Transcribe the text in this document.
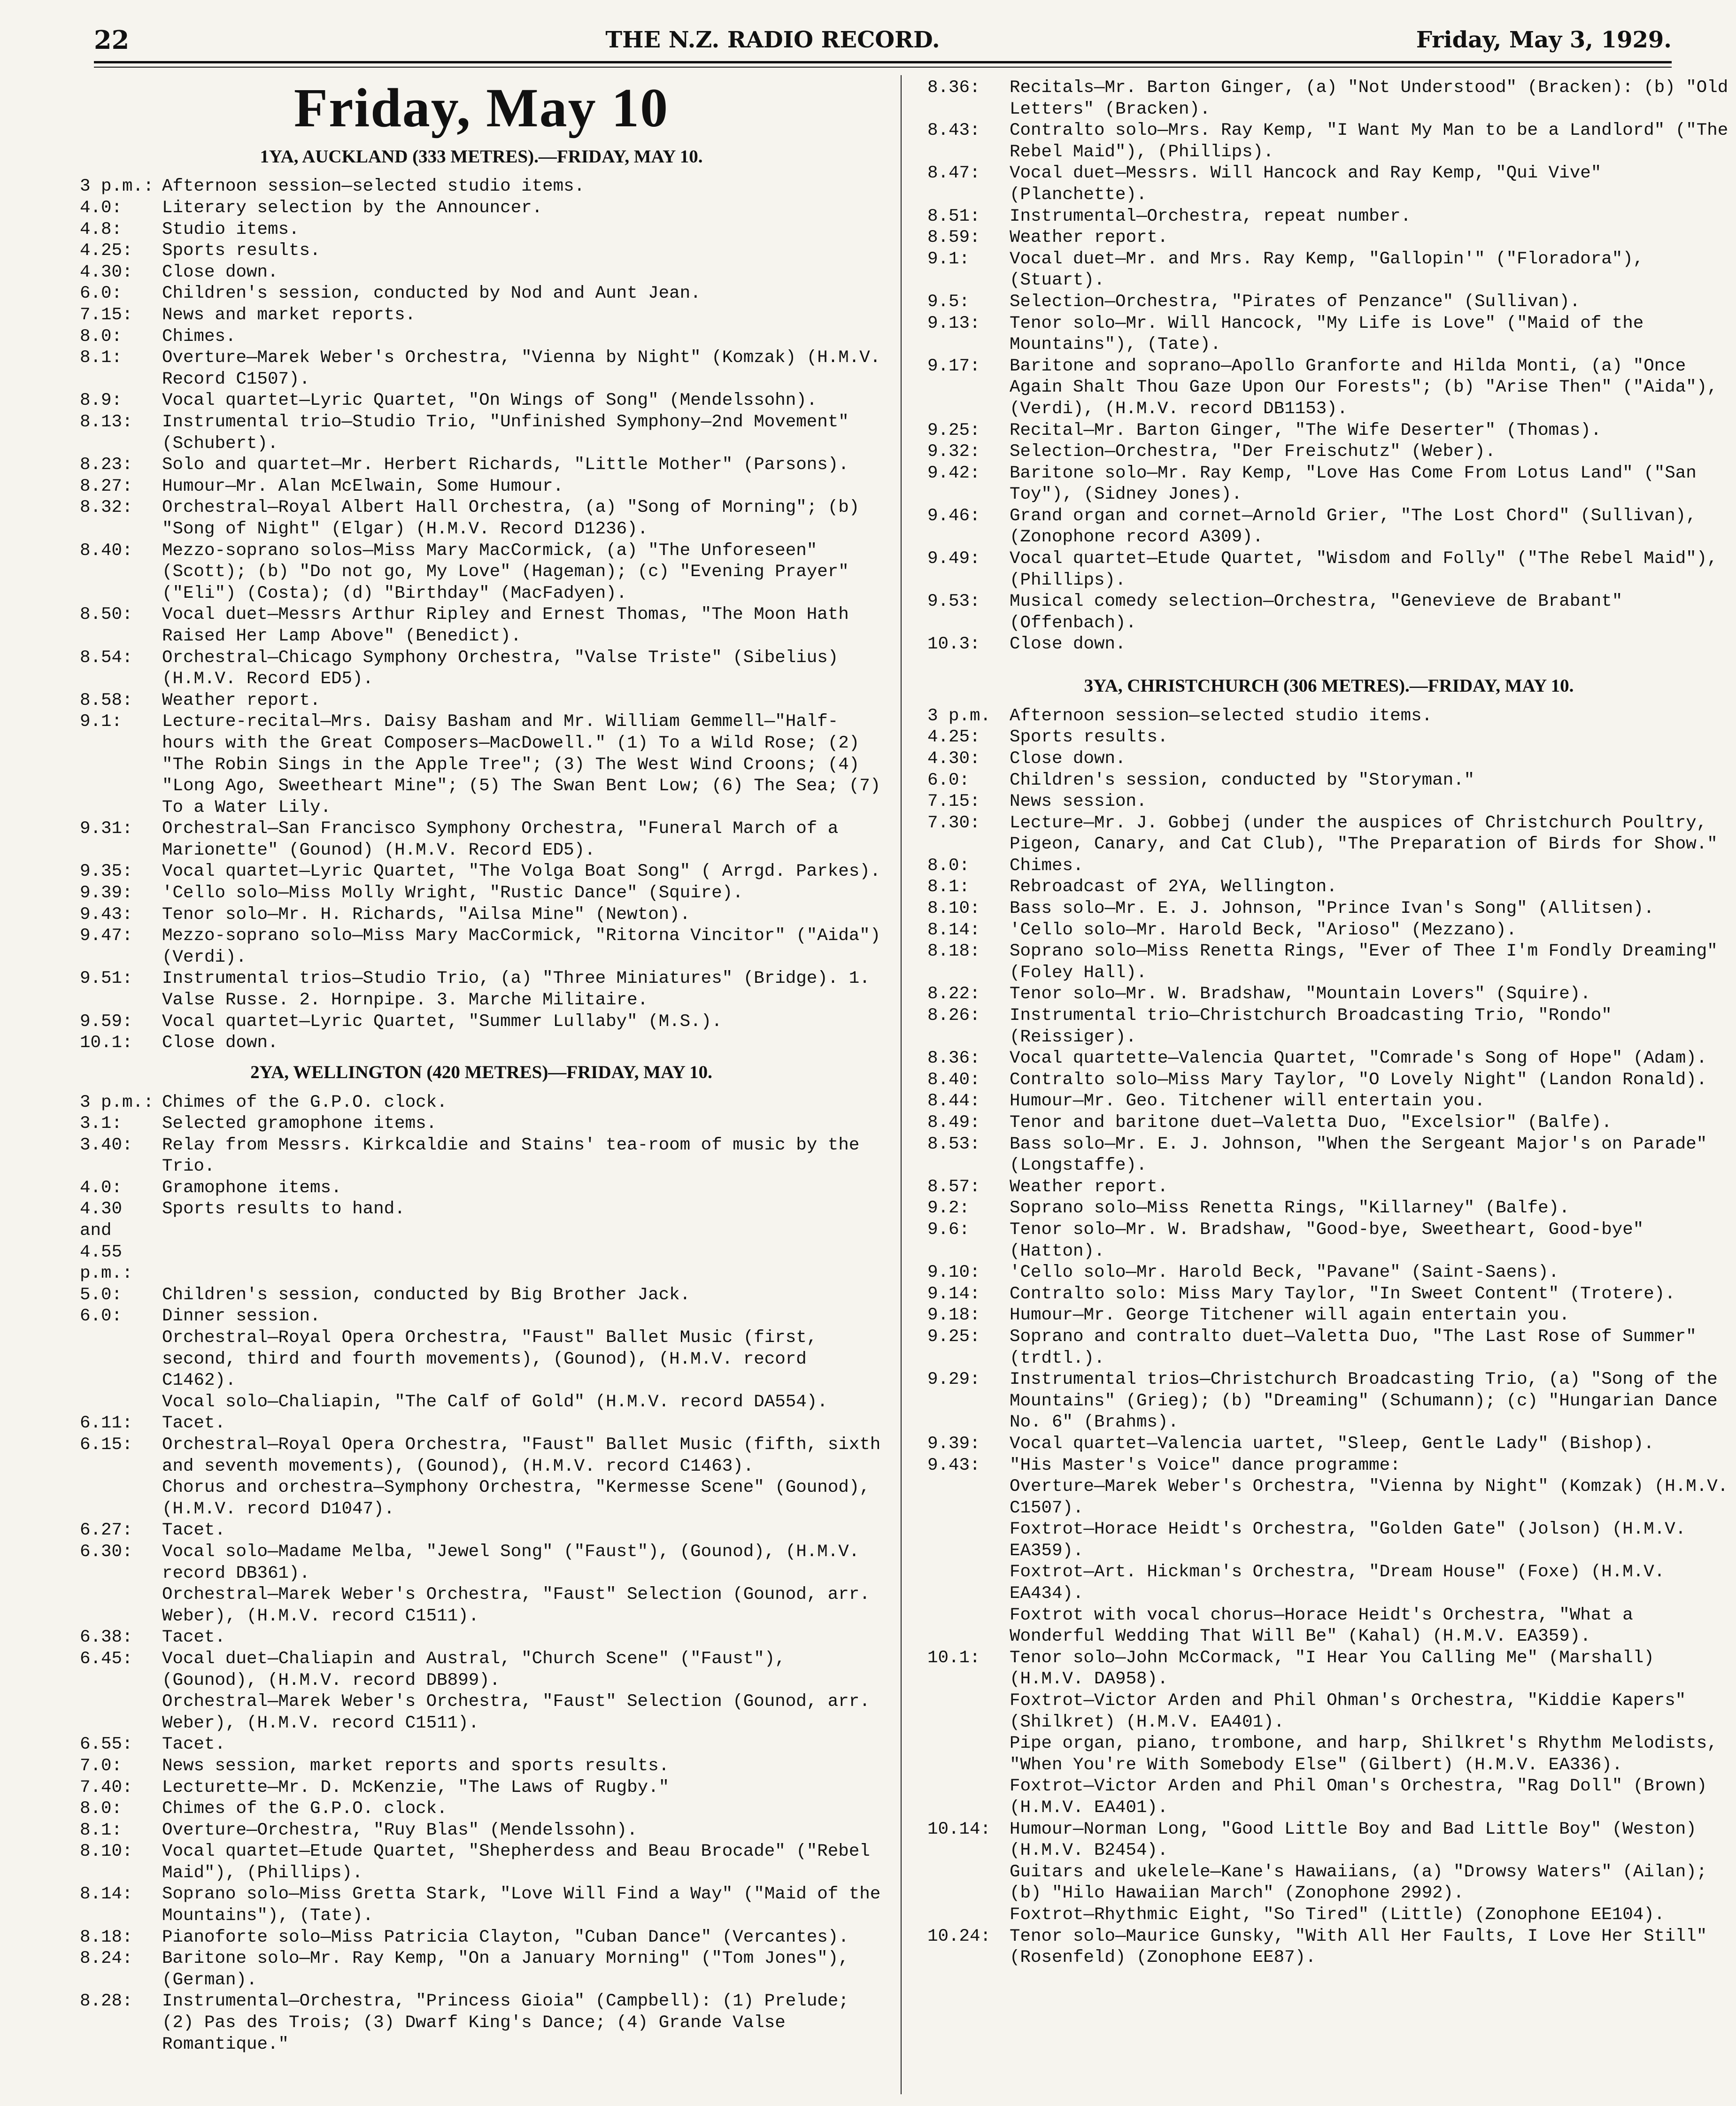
22	THE N.Z. RADIO RECORD.	Friday, May 3, 1929.
Friday, May 10
1YA, AUCKLAND (333 METRES).—FRIDAY, MAY 10.
3 p.m.: Afternoon session—selected studio items.
4.0:	Literary selection by the Announcer.
4.8:	Studio items.
4.25:	Sports results.
4.30:	Close down.
6.0:	Children's session, conducted by Nod and Aunt Jean.
7.15:	News and market reports.
8.0:	Chimes.
8.1:	Overture—Marek Weber's Orchestra, "Vienna by Night" (Komzak) (H.M.V. Record C1507).
8.9:	Vocal quartet—Lyric Quartet, "On Wings of Song" (Mendelssohn).
8.13:	Instrumental trio—Studio Trio, "Unfinished Symphony—2nd Movement" (Schubert).
8.23:	Solo and quartet—Mr. Herbert Richards, "Little Mother" (Parsons).
8.27:	Humour—Mr. Alan McElwain, Some Humour.
8.32:	Orchestral—Royal Albert Hall Orchestra, (a) "Song of Morning"; (b) "Song of Night" (Elgar) (H.M.V. Record D1236).
8.40:	Mezzo-soprano solos—Miss Mary MacCormick, (a) "The Unforeseen" (Scott); (b) "Do not go, My Love" (Hageman); (c) "Evening Prayer" ("Eli") (Costa); (d) "Birthday" (MacFadyen).
8.50:	Vocal duet—Messrs Arthur Ripley and Ernest Thomas, "The Moon Hath Raised Her Lamp Above" (Benedict).
8.54:	Orchestral—Chicago Symphony Orchestra, "Valse Triste" (Sibelius) (H.M.V. Record ED5).
8.58:	Weather report.
9.1:	Lecture-recital—Mrs. Daisy Basham and Mr. William Gemmell—"Half-hours with the Great Composers—MacDowell." (1) To a Wild Rose; (2) "The Robin Sings in the Apple Tree"; (3) The West Wind Croons; (4) "Long Ago, Sweetheart Mine"; (5) The Swan Bent Low; (6) The Sea; (7) To a Water Lily.
9.31:	Orchestral—San Francisco Symphony Orchestra, "Funeral March of a Marionette" (Gounod) (H.M.V. Record ED5).
9.35:	Vocal quartet—Lyric Quartet, "The Volga Boat Song" ( Arrgd. Parkes).
9.39:	'Cello solo—Miss Molly Wright, "Rustic Dance" (Squire).
9.43:	Tenor solo—Mr. H. Richards, "Ailsa Mine" (Newton).
9.47:	Mezzo-soprano solo—Miss Mary MacCormick, "Ritorna Vincitor" ("Aida") (Verdi).
9.51:	Instrumental trios—Studio Trio, (a) "Three Miniatures" (Bridge). 1. Valse Russe. 2. Hornpipe. 3. Marche Militaire.
9.59:	Vocal quartet—Lyric Quartet, "Summer Lullaby" (M.S.).
10.1:	Close down.
2YA, WELLINGTON (420 METRES)—FRIDAY, MAY 10.
3 p.m.: Chimes of the G.P.O. clock.
3.1:	Selected gramophone items.
3.40:	Relay from Messrs. Kirkcaldie and Stains' tea-room of music by the Trio.
4.0:	Gramophone items.
4.30 and 4.55 p.m.:
Sports results to hand.
5.0:	Children's session, conducted by Big Brother Jack.
6.0:	Dinner session.
Orchestral—Royal Opera Orchestra, "Faust" Ballet Music (first, second, third and fourth movements), (Gounod), (H.M.V. record C1462).
Vocal solo—Chaliapin, "The Calf of Gold" (H.M.V. record DA554).
6.11:	Tacet.
6.15:	Orchestral—Royal Opera Orchestra, "Faust" Ballet Music (fifth, sixth and seventh movements), (Gounod), (H.M.V. record C1463).
Chorus and orchestra—Symphony Orchestra, "Kermesse Scene" (Gounod), (H.M.V. record D1047).
6.27:	Tacet.
6.30:	Vocal solo—Madame Melba, "Jewel Song" ("Faust"), (Gounod), (H.M.V. record DB361).
Orchestral—Marek Weber's Orchestra, "Faust" Selection (Gounod, arr. Weber), (H.M.V. record C1511).
6.38:	Tacet.
6.45:	Vocal duet—Chaliapin and Austral, "Church Scene" ("Faust"), (Gounod), (H.M.V. record DB899).
Orchestral—Marek Weber's Orchestra, "Faust" Selection (Gounod, arr. Weber), (H.M.V. record C1511).
6.55:	Tacet.
7.0:	News session, market reports and sports results.
7.40:	Lecturette—Mr. D. McKenzie, "The Laws of Rugby."
8.0:	Chimes of the G.P.O. clock.
8.1:	Overture—Orchestra, "Ruy Blas" (Mendelssohn).
8.10:	Vocal quartet—Etude Quartet, "Shepherdess and Beau Brocade" ("Rebel Maid"), (Phillips).
8.14:	Soprano solo—Miss Gretta Stark, "Love Will Find a Way" ("Maid of the Mountains"), (Tate).
8.18:	Pianoforte solo—Miss Patricia Clayton, "Cuban Dance" (Vercantes).
8.24:	Baritone solo—Mr. Ray Kemp, "On a January Morning" ("Tom Jones"), (German).
8.28:	Instrumental—Orchestra, "Princess Gioia" (Campbell): (1) Prelude; (2) Pas des Trois; (3) Dwarf King's Dance; (4) Grande Valse Romantique."
8.36:	Recitals—Mr. Barton Ginger, (a) "Not Understood" (Bracken): (b) "Old Letters" (Bracken).
8.43:	Contralto solo—Mrs. Ray Kemp, "I Want My Man to be a Landlord" ("The Rebel Maid"), (Phillips).
8.47:	Vocal duet—Messrs. Will Hancock and Ray Kemp, "Qui Vive" (Planchette).
8.51:	Instrumental—Orchestra, repeat number.
8.59:	Weather report.
9.1:	Vocal duet—Mr. and Mrs. Ray Kemp, "Gallopin'" ("Floradora"), (Stuart).
9.5:	Selection—Orchestra, "Pirates of Penzance" (Sullivan).
9.13:	Tenor solo—Mr. Will Hancock, "My Life is Love" ("Maid of the Mountains"), (Tate).
9.17:	Baritone and soprano—Apollo Granforte and Hilda Monti, (a) "Once Again Shalt Thou Gaze Upon Our Forests"; (b) "Arise Then" ("Aida"), (Verdi), (H.M.V. record DB1153).
9.25:	Recital—Mr. Barton Ginger, "The Wife Deserter" (Thomas).
9.32:	Selection—Orchestra, "Der Freischutz" (Weber).
9.42:	Baritone solo—Mr. Ray Kemp, "Love Has Come From Lotus Land" ("San Toy"), (Sidney Jones).
9.46:	Grand organ and cornet—Arnold Grier, "The Lost Chord" (Sullivan), (Zonophone record A309).
9.49:	Vocal quartet—Etude Quartet, "Wisdom and Folly" ("The Rebel Maid"), (Phillips).
9.53:	Musical comedy selection—Orchestra, "Genevieve de Brabant" (Offenbach).
10.3:	Close down.
3YA, CHRISTCHURCH (306 METRES).—FRIDAY, MAY 10.
3 p.m.	Afternoon session—selected studio items.
4.25:	Sports results.
4.30:	Close down.
6.0:	Children's session, conducted by "Storyman."
7.15:	News session.
7.30:	Lecture—Mr. J. Gobbej (under the auspices of Christchurch Poultry, Pigeon, Canary, and Cat Club), "The Preparation of Birds for Show."
8.0:	Chimes.
8.1:	Rebroadcast of 2YA, Wellington.
8.10:	Bass solo—Mr. E. J. Johnson, "Prince Ivan's Song" (Allitsen).
8.14:	'Cello solo—Mr. Harold Beck, "Arioso" (Mezzano).
8.18:	Soprano solo—Miss Renetta Rings, "Ever of Thee I'm Fondly Dreaming" (Foley Hall).
8.22:	Tenor solo—Mr. W. Bradshaw, "Mountain Lovers" (Squire).
8.26:	Instrumental trio—Christchurch Broadcasting Trio, "Rondo" (Reissiger).
8.36:	Vocal quartette—Valencia Quartet, "Comrade's Song of Hope" (Adam).
8.40:	Contralto solo—Miss Mary Taylor, "O Lovely Night" (Landon Ronald).
8.44:	Humour—Mr. Geo. Titchener will entertain you.
8.49:	Tenor and baritone duet—Valetta Duo, "Excelsior" (Balfe).
8.53:	Bass solo—Mr. E. J. Johnson, "When the Sergeant Major's on Parade" (Longstaffe).
8.57:	Weather report.
9.2:	Soprano solo—Miss Renetta Rings, "Killarney" (Balfe).
9.6:	Tenor solo—Mr. W. Bradshaw, "Good-bye, Sweetheart, Good-bye" (Hatton).
9.10:	'Cello solo—Mr. Harold Beck, "Pavane" (Saint-Saens).
9.14:	Contralto solo: Miss Mary Taylor, "In Sweet Content" (Trotere).
9.18:	Humour—Mr. George Titchener will again entertain you.
9.25:	Soprano and contralto duet—Valetta Duo, "The Last Rose of Summer" (trdtl.).
9.29:	Instrumental trios—Christchurch Broadcasting Trio, (a) "Song of the Mountains" (Grieg); (b) "Dreaming" (Schumann); (c) "Hungarian Dance No. 6" (Brahms).
9.39:	Vocal quartet—Valencia uartet, "Sleep, Gentle Lady" (Bishop).
9.43:	"His Master's Voice" dance programme:
Overture—Marek Weber's Orchestra, "Vienna by Night" (Komzak) (H.M.V. C1507).
Foxtrot—Horace Heidt's Orchestra, "Golden Gate" (Jolson) (H.M.V. EA359).
Foxtrot—Art. Hickman's Orchestra, "Dream House" (Foxe) (H.M.V. EA434).
Foxtrot with vocal chorus—Horace Heidt's Orchestra, "What a Wonderful Wedding That Will Be" (Kahal) (H.M.V. EA359).
10.1:	Tenor solo—John McCormack, "I Hear You Calling Me" (Marshall) (H.M.V. DA958).
Foxtrot—Victor Arden and Phil Ohman's Orchestra, "Kiddie Kapers" (Shilkret) (H.M.V. EA401).
Pipe organ, piano, trombone, and harp, Shilkret's Rhythm Melodists, "When You're With Somebody Else" (Gilbert) (H.M.V. EA336).
Foxtrot—Victor Arden and Phil Oman's Orchestra, "Rag Doll" (Brown) (H.M.V. EA401).
10.14:	Humour—Norman Long, "Good Little Boy and Bad Little Boy" (Weston) (H.M.V. B2454).
Guitars and ukelele—Kane's Hawaiians, (a) "Drowsy Waters" (Ailan); (b) "Hilo Hawaiian March" (Zonophone 2992).
Foxtrot—Rhythmic Eight, "So Tired" (Little) (Zonophone EE104).
10.24:	Tenor solo—Maurice Gunsky, "With All Her Faults, I Love Her Still" (Rosenfeld) (Zonophone EE87).
